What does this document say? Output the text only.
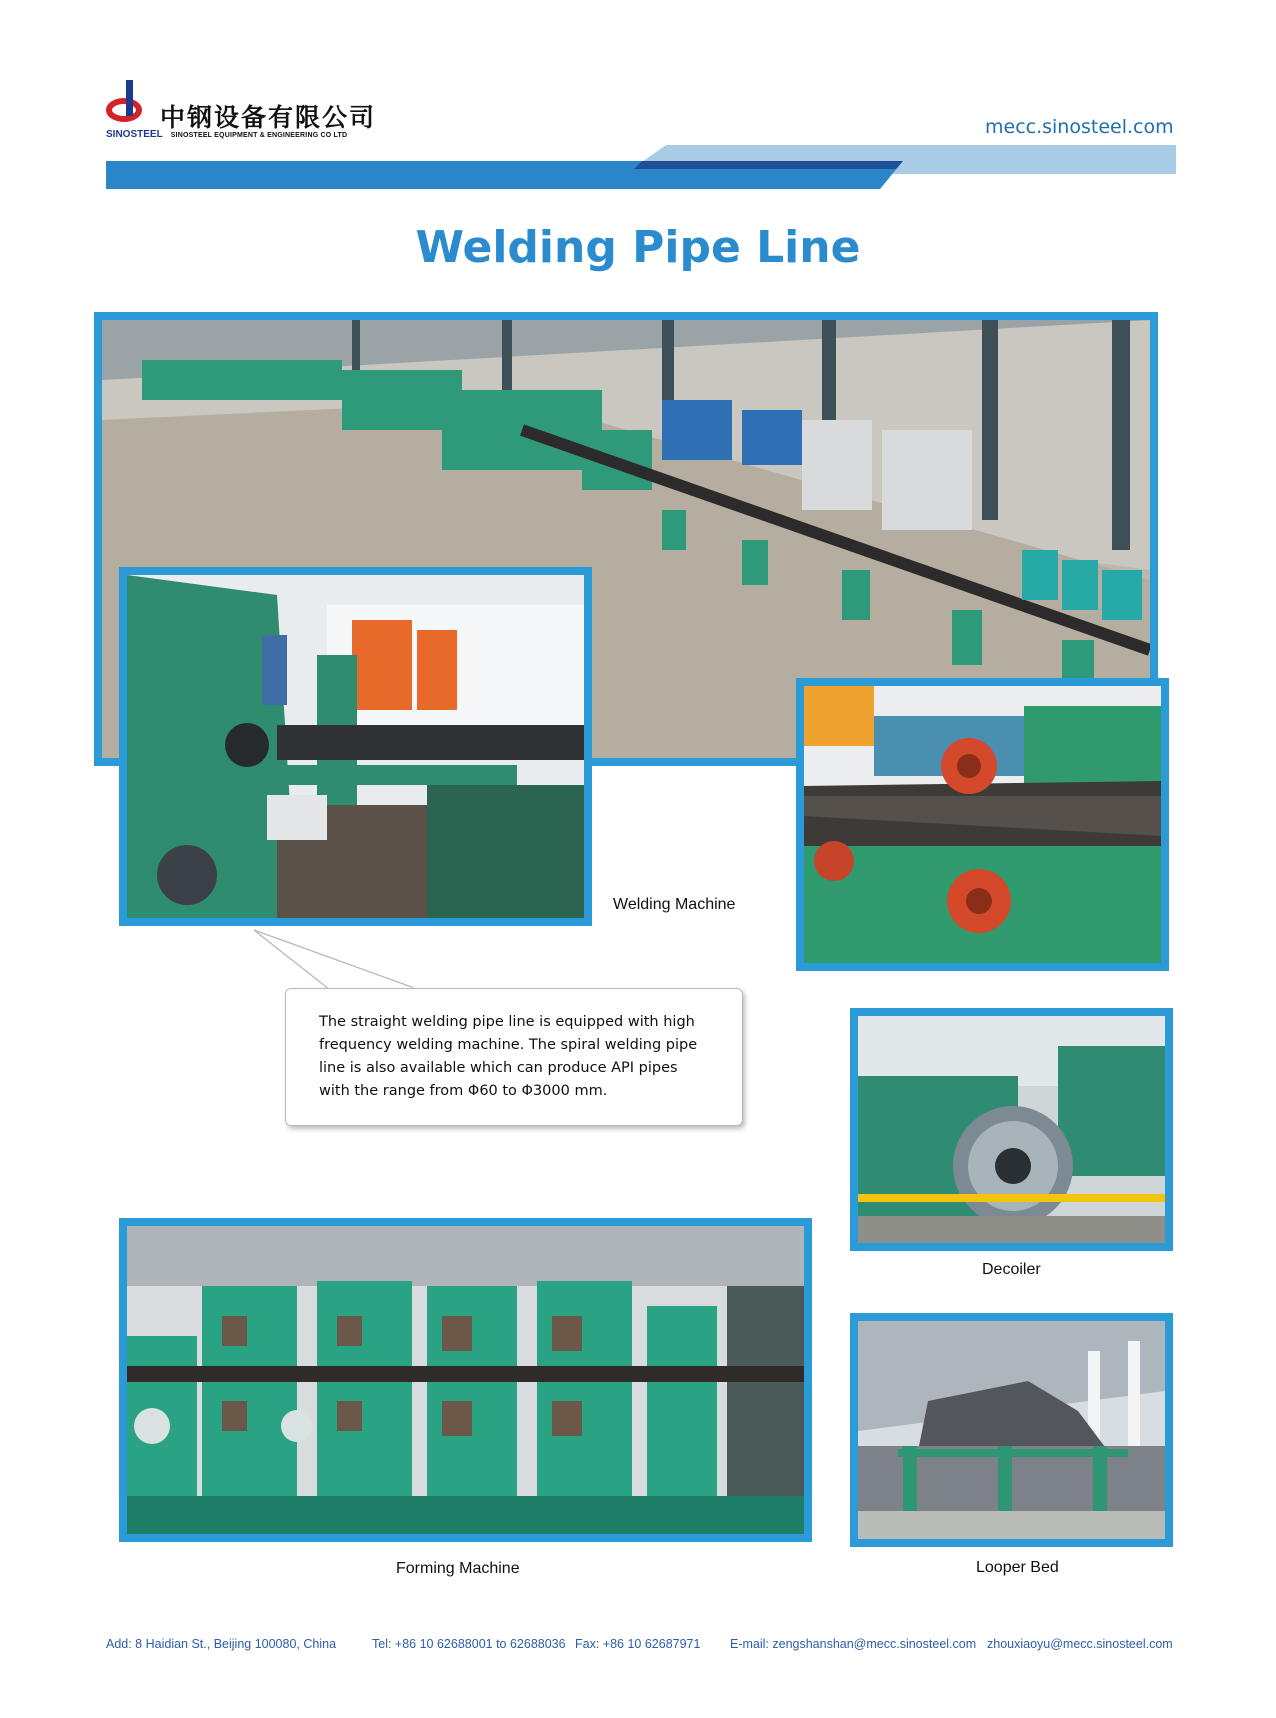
中钢设备有限公司
SINOSTEEL SINOSTEEL EQUIPMENT & ENGINEERING CO LTD	mecc.sinosteel.com
Welding Pipe Line
Welding Machine
The straight welding pipe line is equipped with high frequency welding machine. The spiral welding pipe line is also available which can produce API pipes with the range from Φ60 to Φ3000 mm.
Decoiler
Forming Machine	Looper Bed
Add: 8 Haidian St., Beijing 100080, China	Tel: +86 10 62688001 to 62688036 Fax: +86 10 62687971 E-mail: zengshanshan@mecc.sinosteel.com zhouxiaoyu@mecc.sinosteel.com
